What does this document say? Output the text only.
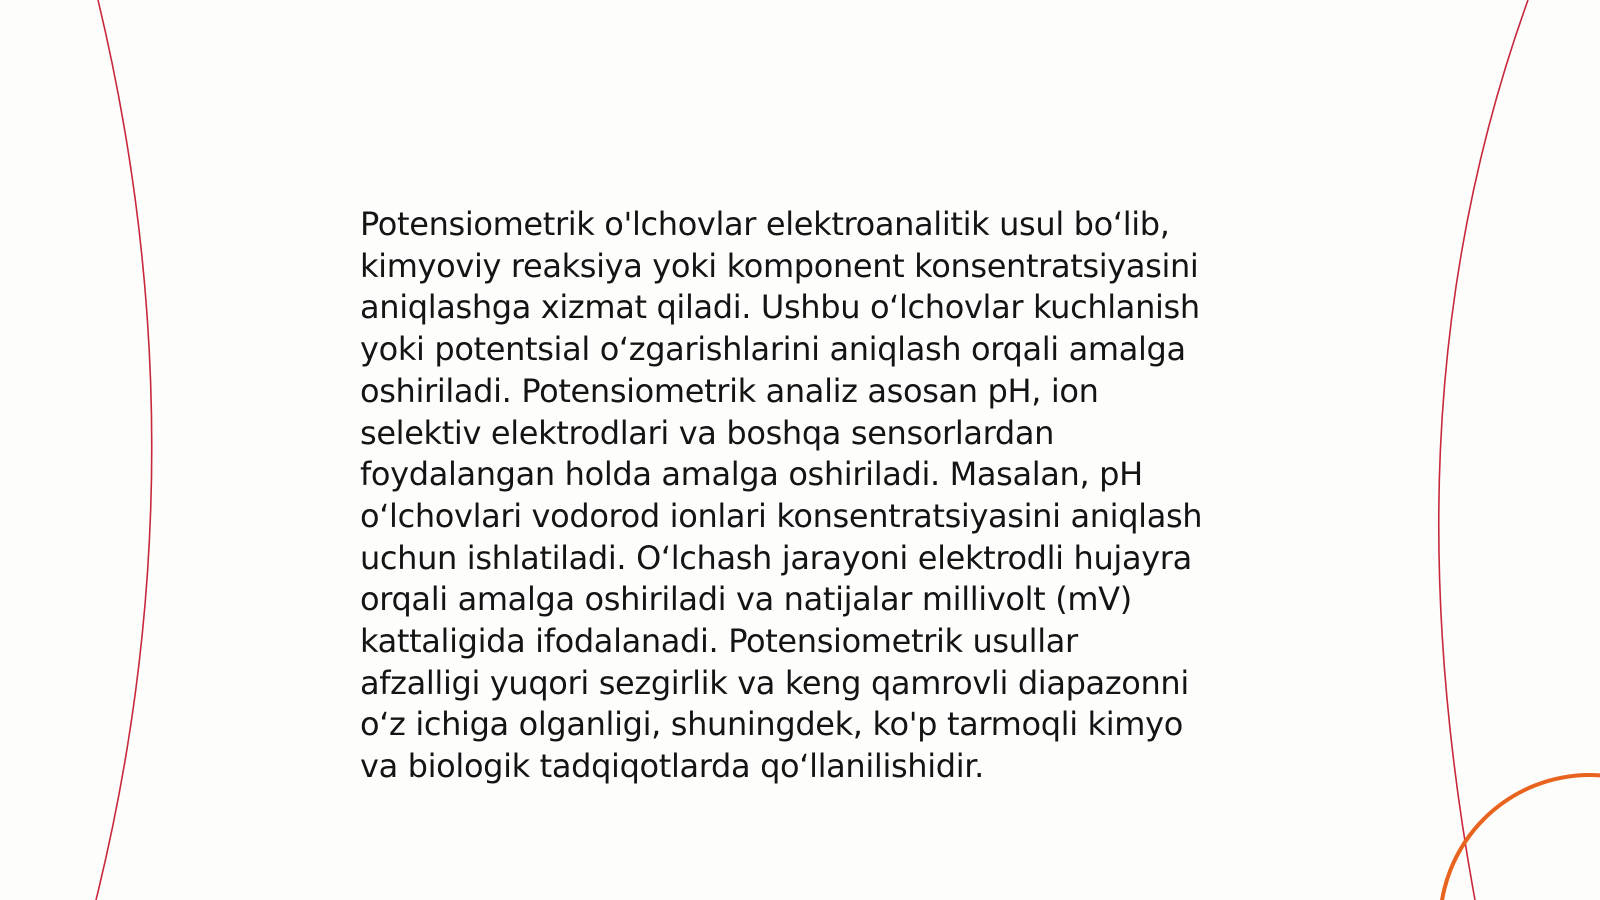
Potensiometrik o'lchovlar elektroanalitik usul bo‘lib,
kimyoviy reaksiya yoki komponent konsentratsiyasini
aniqlashga xizmat qiladi. Ushbu o‘lchovlar kuchlanish
yoki potentsial o‘zgarishlarini aniqlash orqali amalga
oshiriladi. Potensiometrik analiz asosan pH, ion
selektiv elektrodlari va boshqa sensorlardan
foydalangan holda amalga oshiriladi. Masalan, pH
o‘lchovlari vodorod ionlari konsentratsiyasini aniqlash
uchun ishlatiladi. O‘lchash jarayoni elektrodli hujayra
orqali amalga oshiriladi va natijalar millivolt (mV)
kattaligida ifodalanadi. Potensiometrik usullar
afzalligi yuqori sezgirlik va keng qamrovli diapazonni
o‘z ichiga olganligi, shuningdek, ko'p tarmoqli kimyo
va biologik tadqiqotlarda qo‘llanilishidir.
